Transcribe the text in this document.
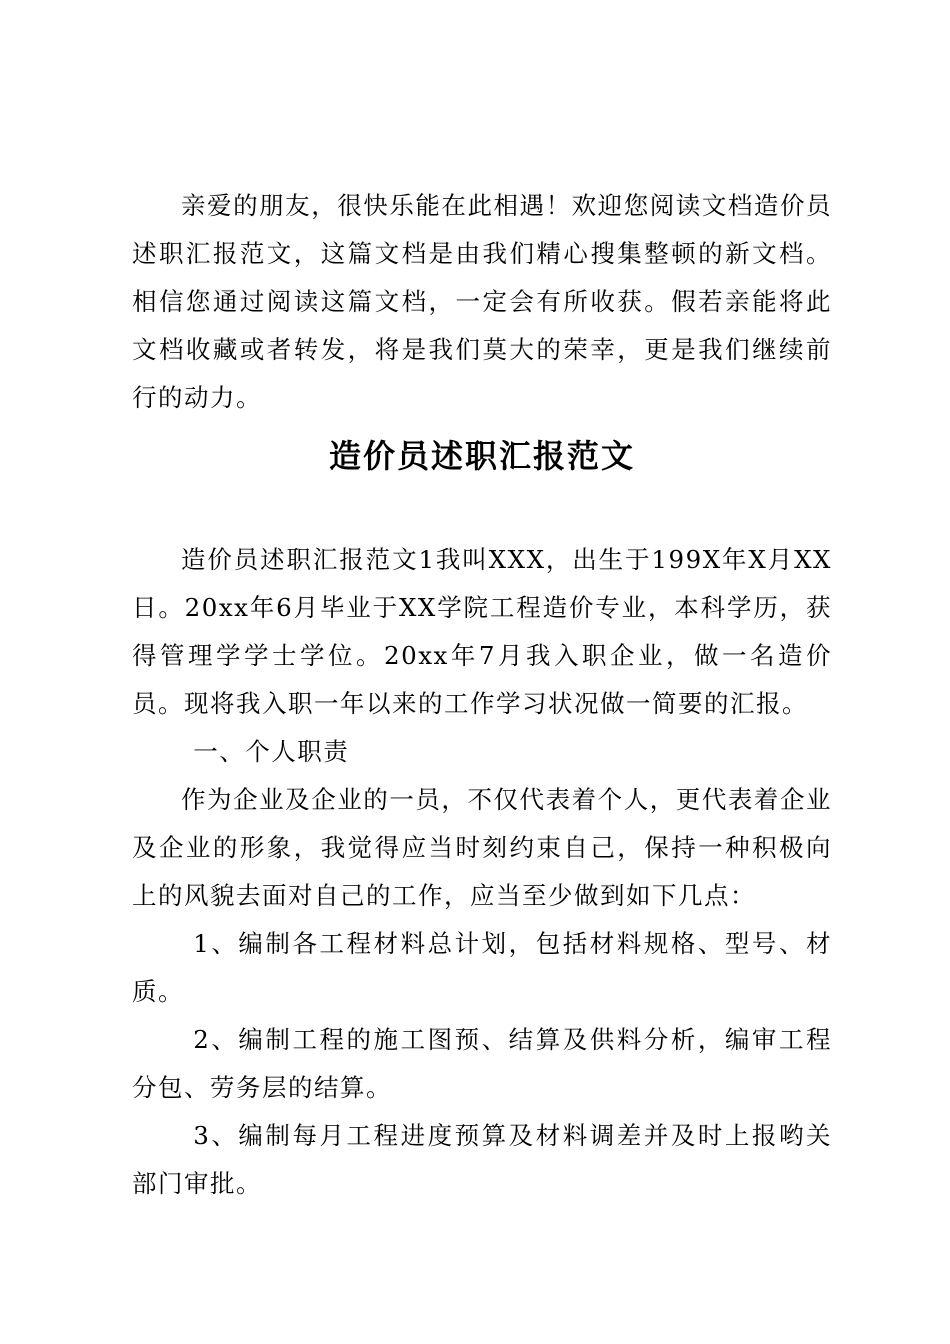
亲爱的朋友，很快乐能在此相遇！欢迎您阅读文档造价员述职汇报范文，这篇文档是由我们精心搜集整顿的新文档。相信您通过阅读这篇文档，一定会有所收获。假若亲能将此文档收藏或者转发，将是我们莫大的荣幸，更是我们继续前行的动力。

造价员述职汇报范文

造价员述职汇报范文1我叫XXX，出生于199X年X月XX日。20xx年6月毕业于XX学院工程造价专业，本科学历，获得管理学学士学位。20xx年7月我入职企业，做一名造价员。现将我入职一年以来的工作学习状况做一简要的汇报。

一、个人职责

作为企业及企业的一员，不仅代表着个人，更代表着企业及企业的形象，我觉得应当时刻约束自己，保持一种积极向上的风貌去面对自己的工作，应当至少做到如下几点：

1、编制各工程材料总计划，包括材料规格、型号、材质。

2、编制工程的施工图预、结算及供料分析，编审工程分包、劳务层的结算。

3、编制每月工程进度预算及材料调差并及时上报哟关部门审批。
